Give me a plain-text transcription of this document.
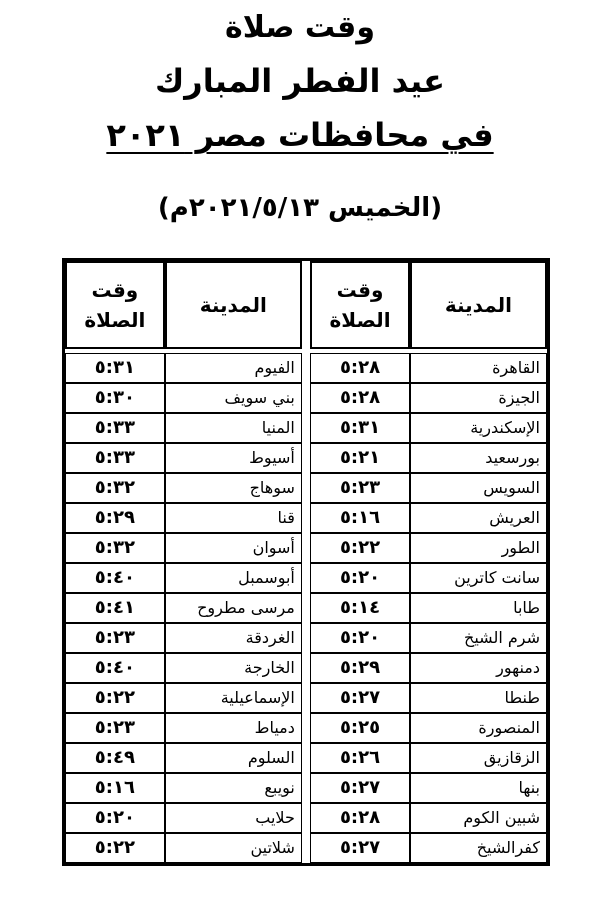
وقت صلاة
عيد الفطر المبارك
في محافظات مصر ٢٠٢١
(الخميس ٢٠٢١/٥/١٣م)
المدينة	وقت الصلاة		المدينة	وقت الصلاة

القاهرة	٥:٢٨		الفيوم	٥:٣١
الجيزة	٥:٢٨		بني سويف	٥:٣٠
الإسكندرية	٥:٣١		المنيا	٥:٣٣
بورسعيد	٥:٢١		أسيوط	٥:٣٣
السويس	٥:٢٣		سوهاج	٥:٣٢
العريش	٥:١٦		قنا	٥:٢٩
الطور	٥:٢٢		أسوان	٥:٣٢
سانت كاترين	٥:٢٠		أبوسمبل	٥:٤٠
طابا	٥:١٤		مرسى مطروح	٥:٤١
شرم الشيخ	٥:٢٠		الغردقة	٥:٢٣
دمنهور	٥:٢٩		الخارجة	٥:٤٠
طنطا	٥:٢٧		الإسماعيلية	٥:٢٢
المنصورة	٥:٢٥		دمياط	٥:٢٣
الزقازيق	٥:٢٦		السلوم	٥:٤٩
بنها	٥:٢٧		نويبع	٥:١٦
شبين الكوم	٥:٢٨		حلايب	٥:٢٠
كفرالشيخ	٥:٢٧		شلاتين	٥:٢٢
